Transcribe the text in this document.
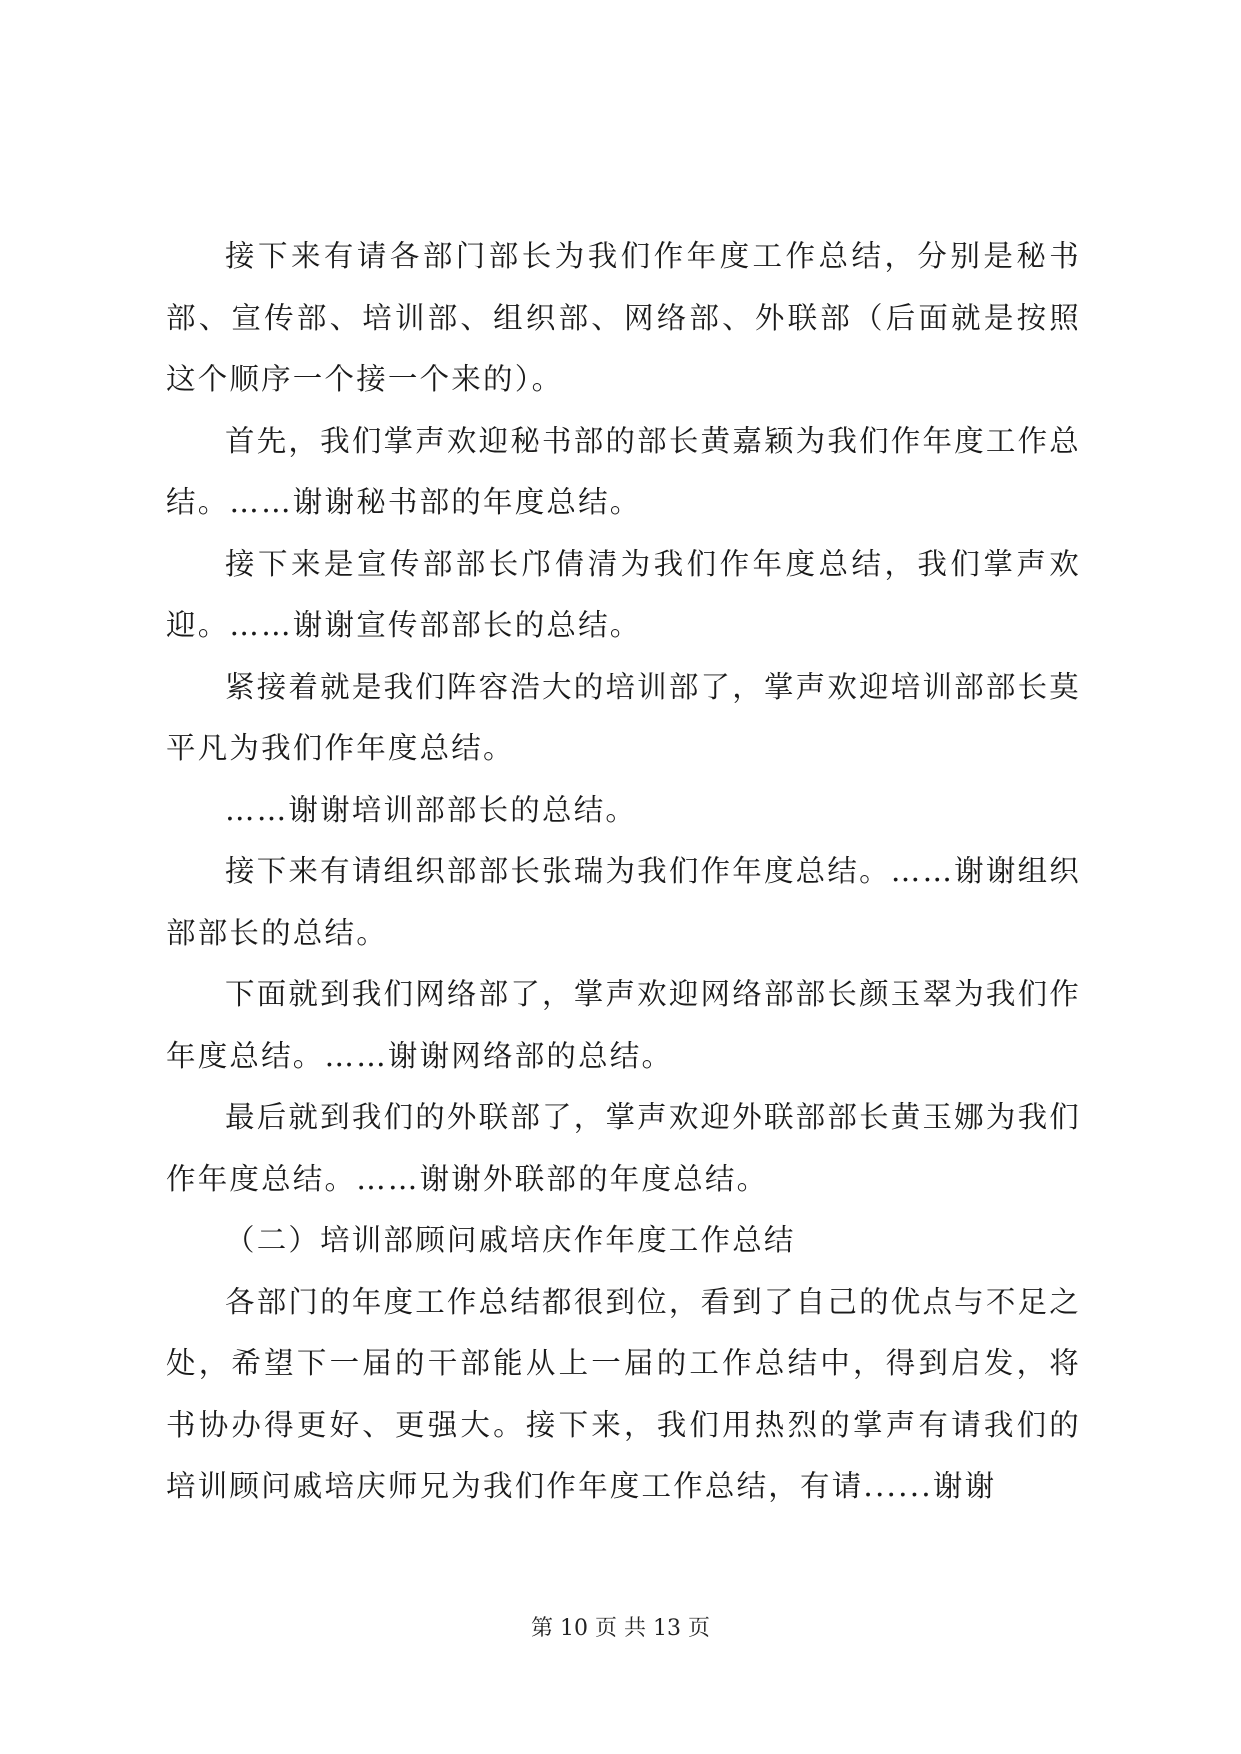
接下来有请各部门部长为我们作年度工作总结，分别是秘书部、宣传部、培训部、组织部、网络部、外联部（后面就是按照这个顺序一个接一个来的）。

首先，我们掌声欢迎秘书部的部长黄嘉颖为我们作年度工作总结。……谢谢秘书部的年度总结。

接下来是宣传部部长邝倩清为我们作年度总结，我们掌声欢迎。……谢谢宣传部部长的总结。

紧接着就是我们阵容浩大的培训部了，掌声欢迎培训部部长莫平凡为我们作年度总结。

……谢谢培训部部长的总结。

接下来有请组织部部长张瑞为我们作年度总结。……谢谢组织部部长的总结。

下面就到我们网络部了，掌声欢迎网络部部长颜玉翠为我们作年度总结。……谢谢网络部的总结。

最后就到我们的外联部了，掌声欢迎外联部部长黄玉娜为我们作年度总结。……谢谢外联部的年度总结。

（二）培训部顾问戚培庆作年度工作总结

各部门的年度工作总结都很到位，看到了自己的优点与不足之处，希望下一届的干部能从上一届的工作总结中，得到启发，将书协办得更好、更强大。接下来，我们用热烈的掌声有请我们的培训顾问戚培庆师兄为我们作年度工作总结，有请......谢谢

第 10 页 共 13 页
